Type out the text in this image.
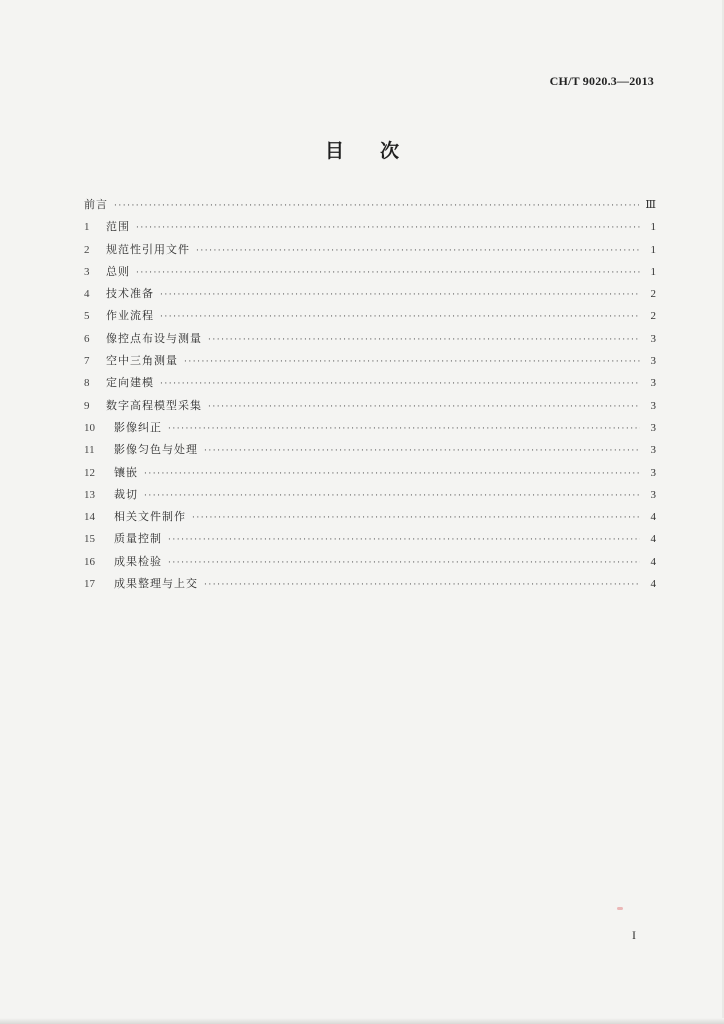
CH/T 9020.3—2013
目次
前言 ·····	Ⅲ
1	范围 ·····	1
2	规范性引用文件 ·····	1
3	总则 ·····	1
4	技术准备 ·····	2
5	作业流程 ·····	2
6	像控点布设与测量 ·····	3
7	空中三角测量 ·····	3
8	定向建模 ·····	3
9	数字高程模型采集 ·····	3
10	影像纠正 ·····	3
11	影像匀色与处理 ·····	3
12	镶嵌 ·····	3
13	裁切 ·····	3
14	相关文件制作 ·····	4
15	质量控制 ·····	4
16	成果检验 ·····	4
17	成果整理与上交 ·····	4
I
